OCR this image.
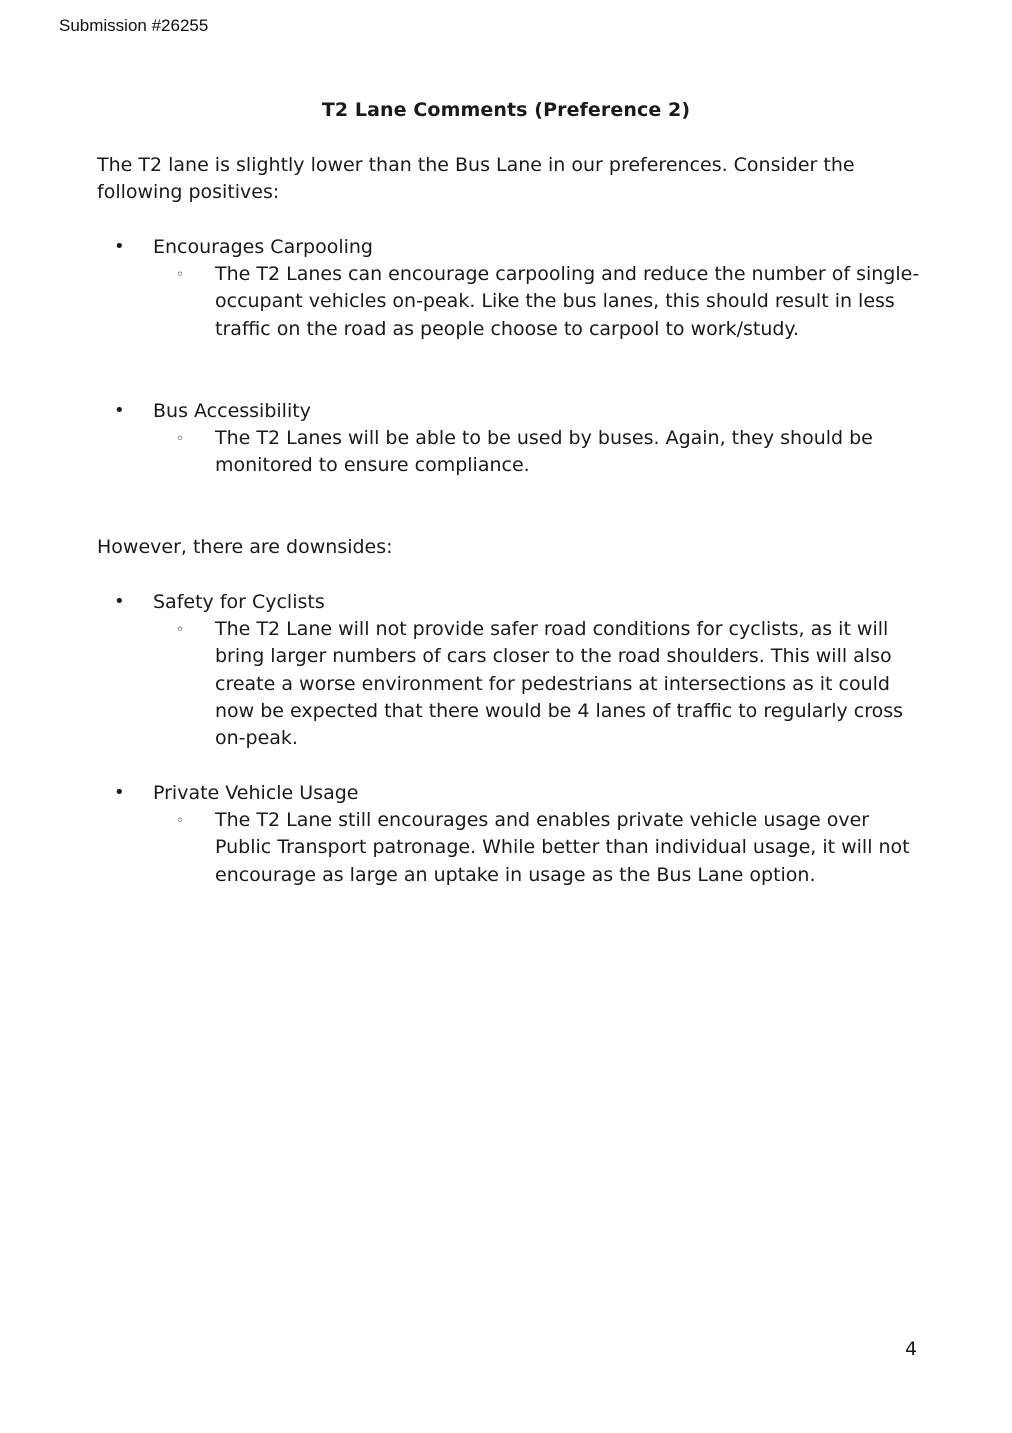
Submission #26255
T2 Lane Comments (Preference 2)

The T2 lane is slightly lower than the Bus Lane in our preferences. Consider the following positives:

• Encourages Carpooling
◦ The T2 Lanes can encourage carpooling and reduce the number of single-occupant vehicles on-peak. Like the bus lanes, this should result in less traffic on the road as people choose to carpool to work/study.

• Bus Accessibility
◦ The T2 Lanes will be able to be used by buses. Again, they should be monitored to ensure compliance.

However, there are downsides:

• Safety for Cyclists
◦ The T2 Lane will not provide safer road conditions for cyclists, as it will bring larger numbers of cars closer to the road shoulders. This will also create a worse environment for pedestrians at intersections as it could now be expected that there would be 4 lanes of traffic to regularly cross on-peak.

• Private Vehicle Usage
◦ The T2 Lane still encourages and enables private vehicle usage over Public Transport patronage. While better than individual usage, it will not encourage as large an uptake in usage as the Bus Lane option.

4
